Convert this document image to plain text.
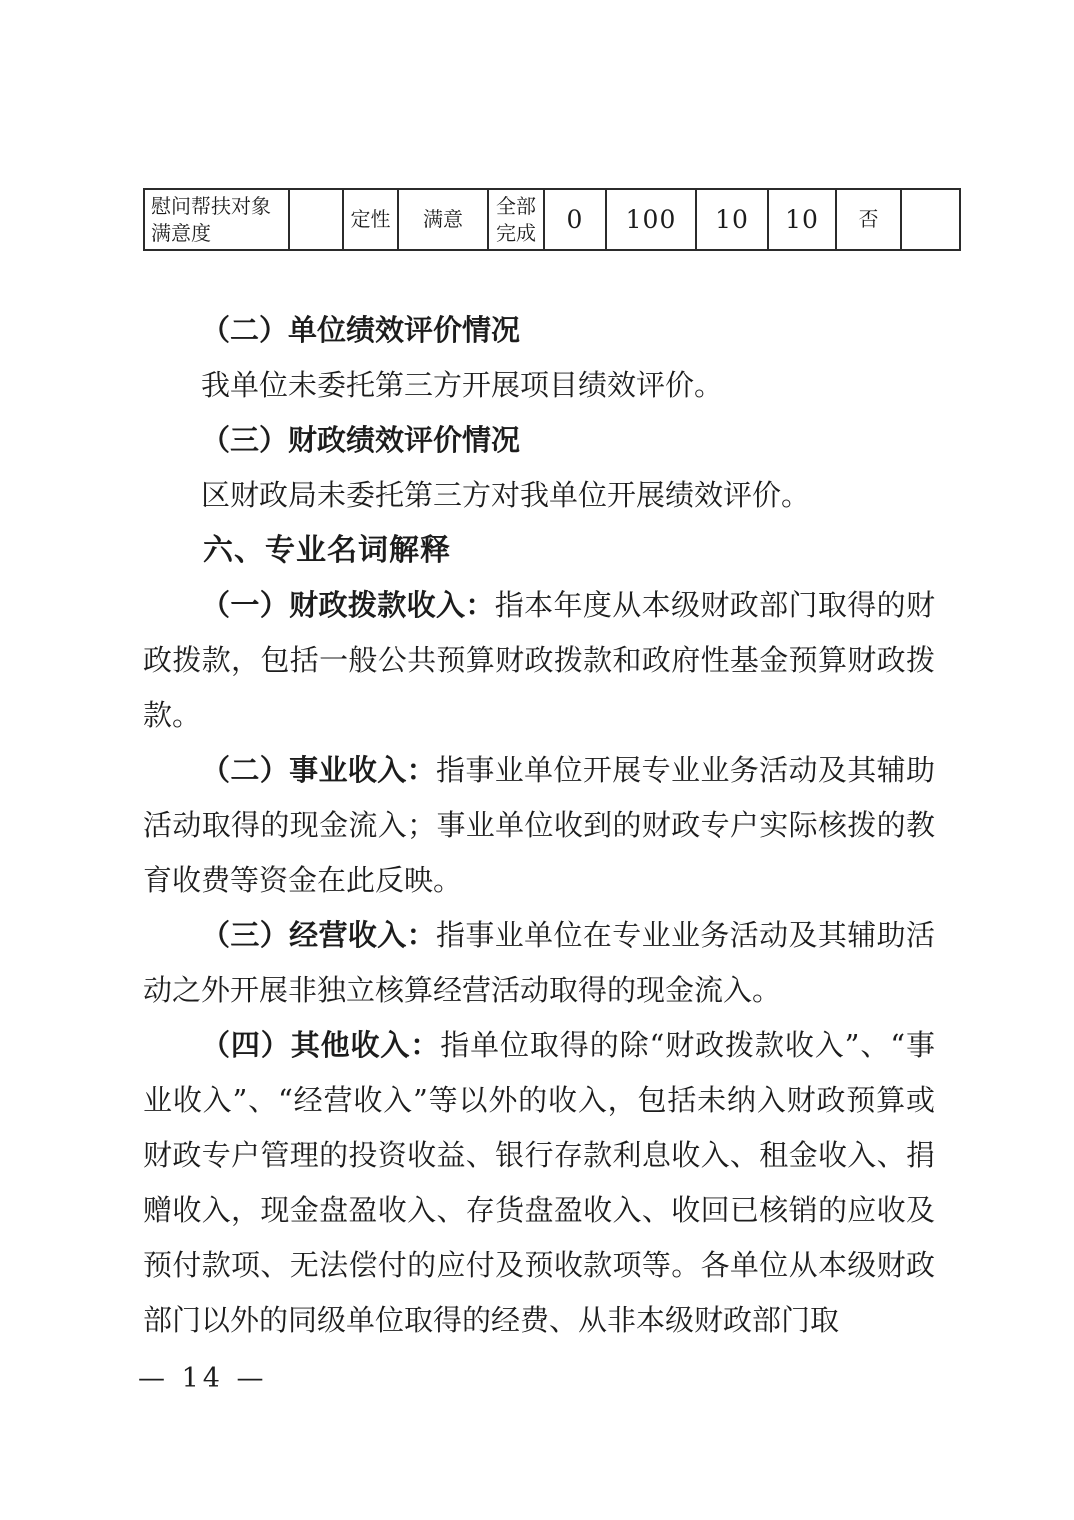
慰问帮扶对象满意度		定性	满意	全部完成	0	100	10	10	否	
（二）单位绩效评价情况

我单位未委托第三方开展项目绩效评价。

（三）财政绩效评价情况

区财政局未委托第三方对我单位开展绩效评价。

六、专业名词解释

（一）财政拨款收入：指本年度从本级财政部门取得的财政拨款，包括一般公共预算财政拨款和政府性基金预算财政拨款。

（二）事业收入：指事业单位开展专业业务活动及其辅助活动取得的现金流入；事业单位收到的财政专户实际核拨的教育收费等资金在此反映。

（三）经营收入：指事业单位在专业业务活动及其辅助活动之外开展非独立核算经营活动取得的现金流入。

（四）其他收入：指单位取得的除“财政拨款收入”、“事业收入”、“经营收入”等以外的收入，包括未纳入财政预算或财政专户管理的投资收益、银行存款利息收入、租金收入、捐赠收入，现金盘盈收入、存货盘盈收入、收回已核销的应收及预付款项、无法偿付的应付及预收款项等。各单位从本级财政部门以外的同级单位取得的经费、从非本级财政部门取

— 14 —
